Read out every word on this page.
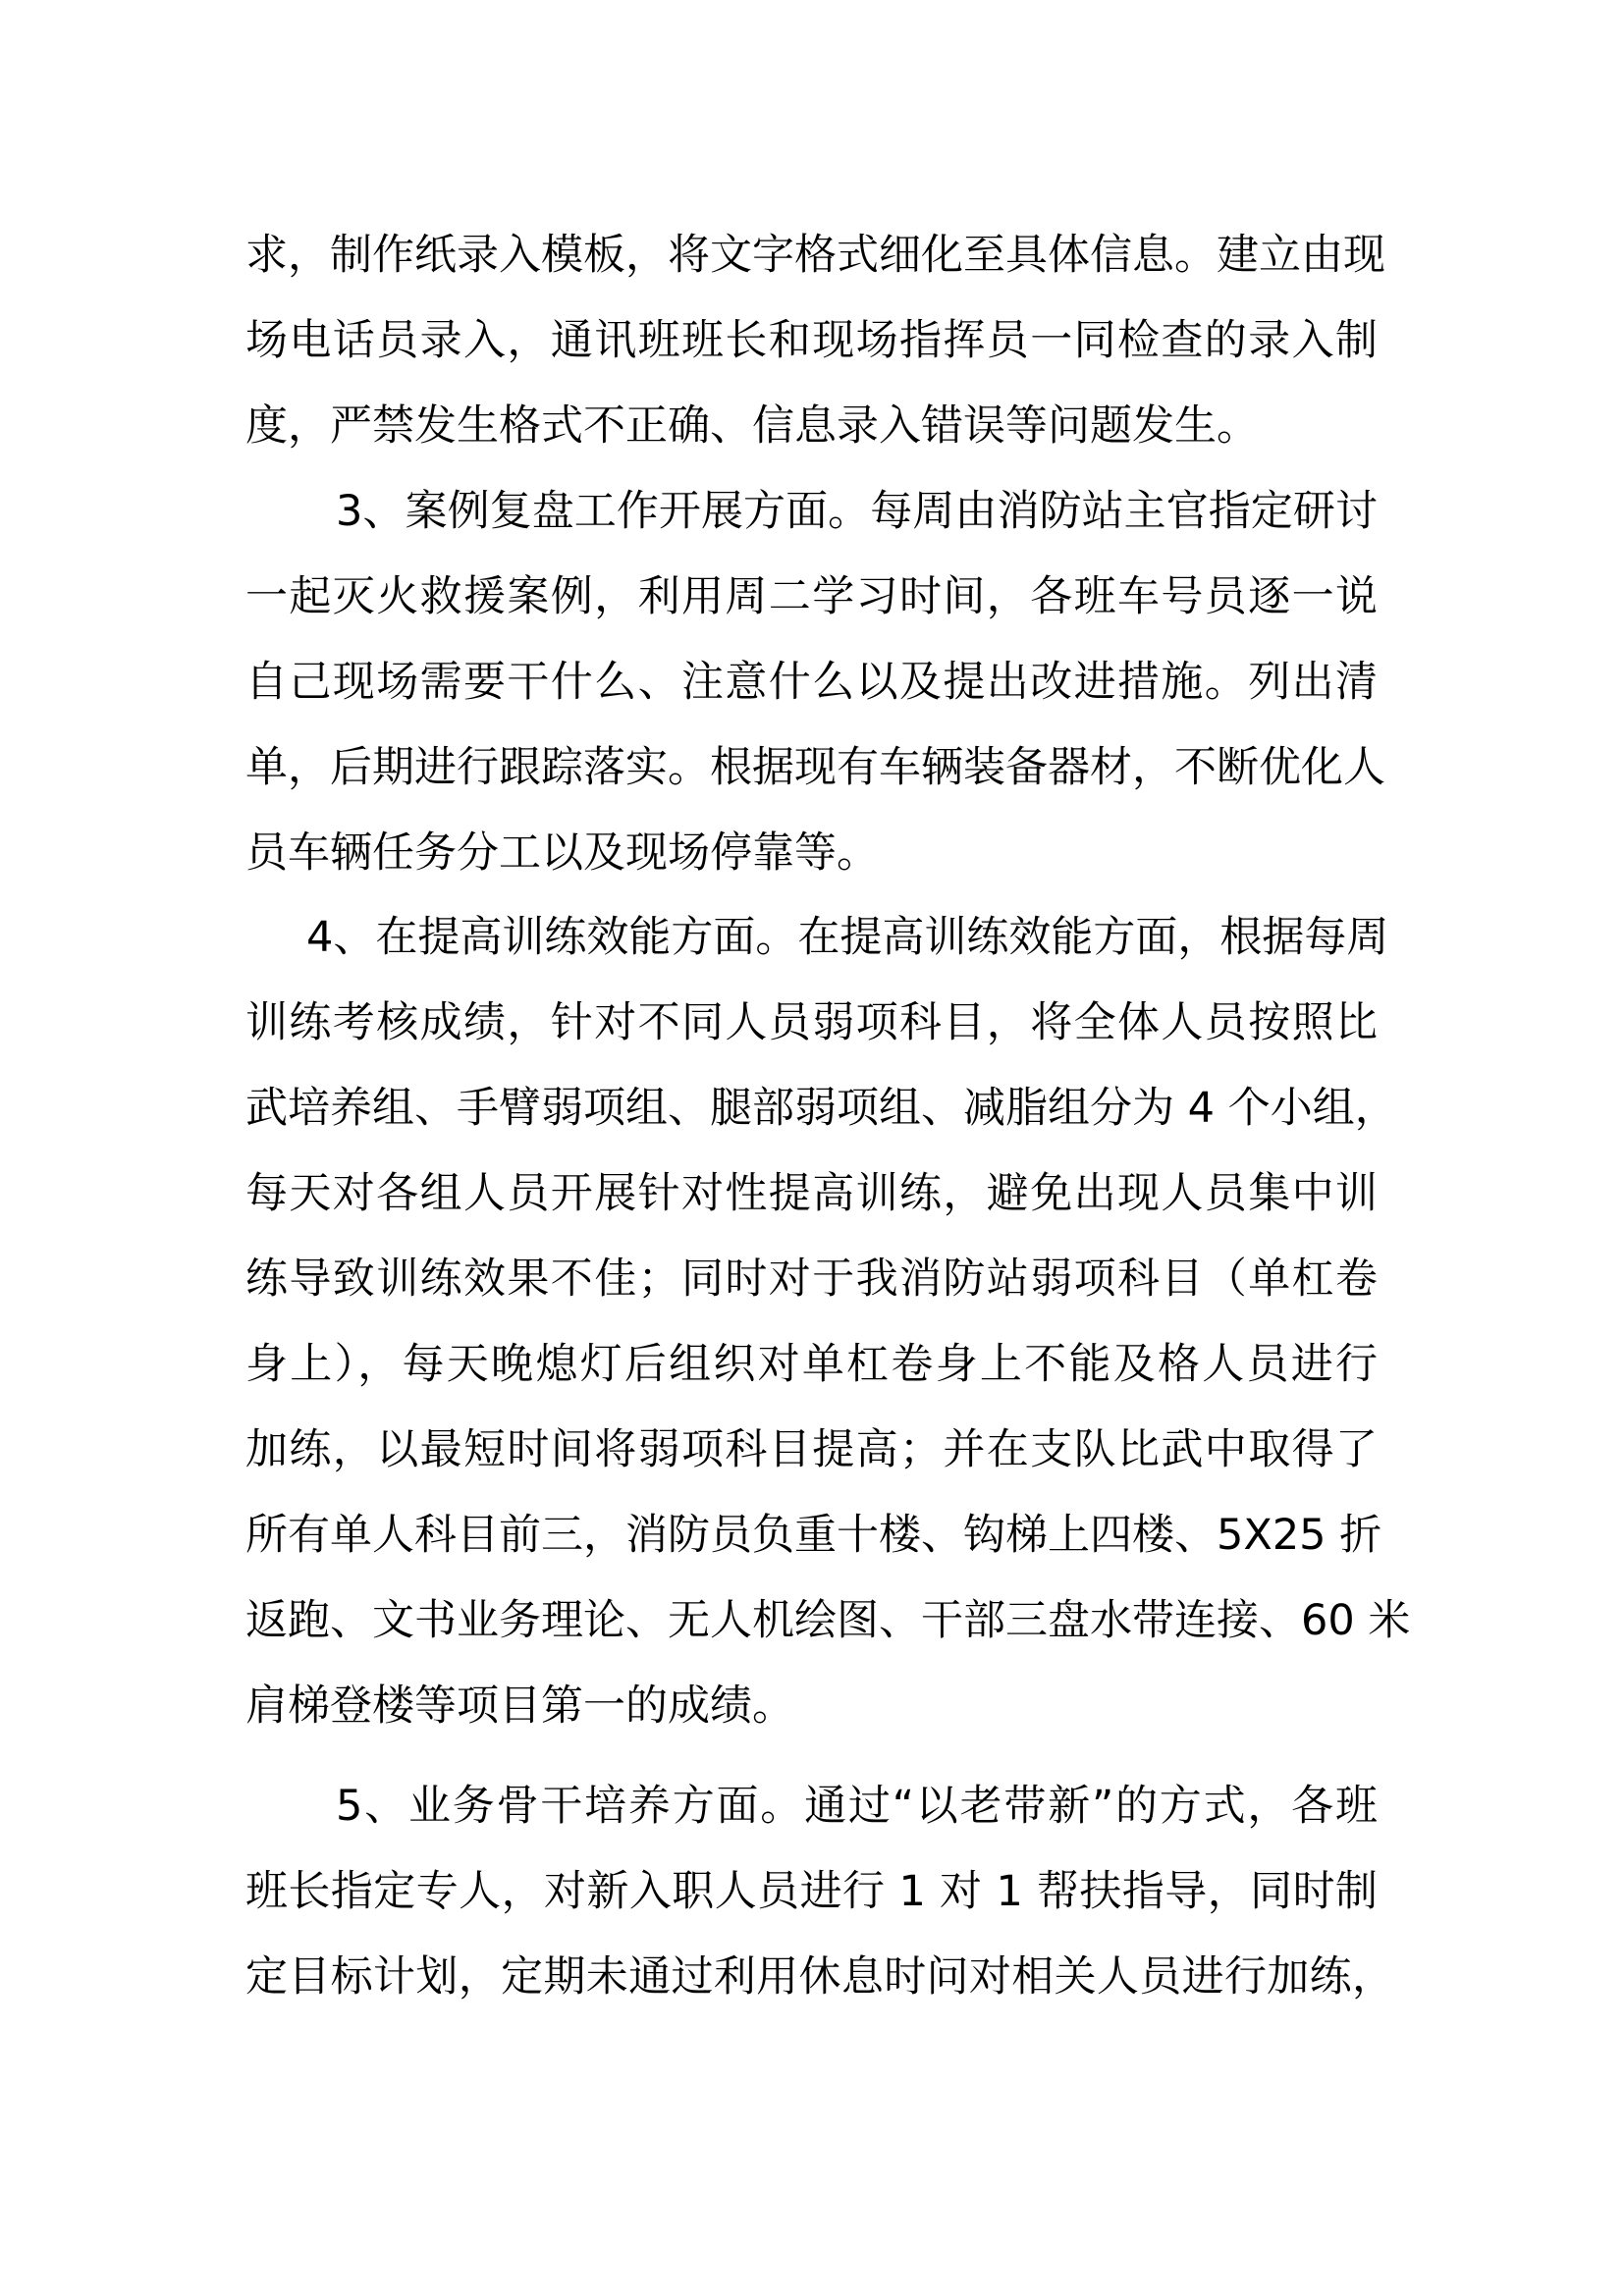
求，制作纸录入模板，将文字格式细化至具体信息。建立由现
场电话员录入，通讯班班长和现场指挥员一同检查的录入制
度，严禁发生格式不正确、信息录入错误等问题发生。
3、案例复盘工作开展方面。每周由消防站主官指定研讨
一起灭火救援案例，利用周二学习时间，各班车号员逐一说
自己现场需要干什么、注意什么以及提出改进措施。列出清
单，后期进行跟踪落实。根据现有车辆装备器材，不断优化人
员车辆任务分工以及现场停靠等。
4、在提高训练效能方面。在提高训练效能方面，根据每周
训练考核成绩，针对不同人员弱项科目，将全体人员按照比
武培养组、手臂弱项组、腿部弱项组、减脂组分为 4 个小组，
每天对各组人员开展针对性提高训练，避免出现人员集中训
练导致训练效果不佳；同时对于我消防站弱项科目（单杠卷
身上），每天晚熄灯后组织对单杠卷身上不能及格人员进行
加练，以最短时间将弱项科目提高；并在支队比武中取得了
所有单人科目前三，消防员负重十楼、钩梯上四楼、5X25 折
返跑、文书业务理论、无人机绘图、干部三盘水带连接、60 米
肩梯登楼等项目第一的成绩。
5、业务骨干培养方面。通过“以老带新”的方式，各班
班长指定专人，对新入职人员进行 1 对 1 帮扶指导，同时制
定目标计划，定期未通过利用休息时问对相关人员进行加练，
